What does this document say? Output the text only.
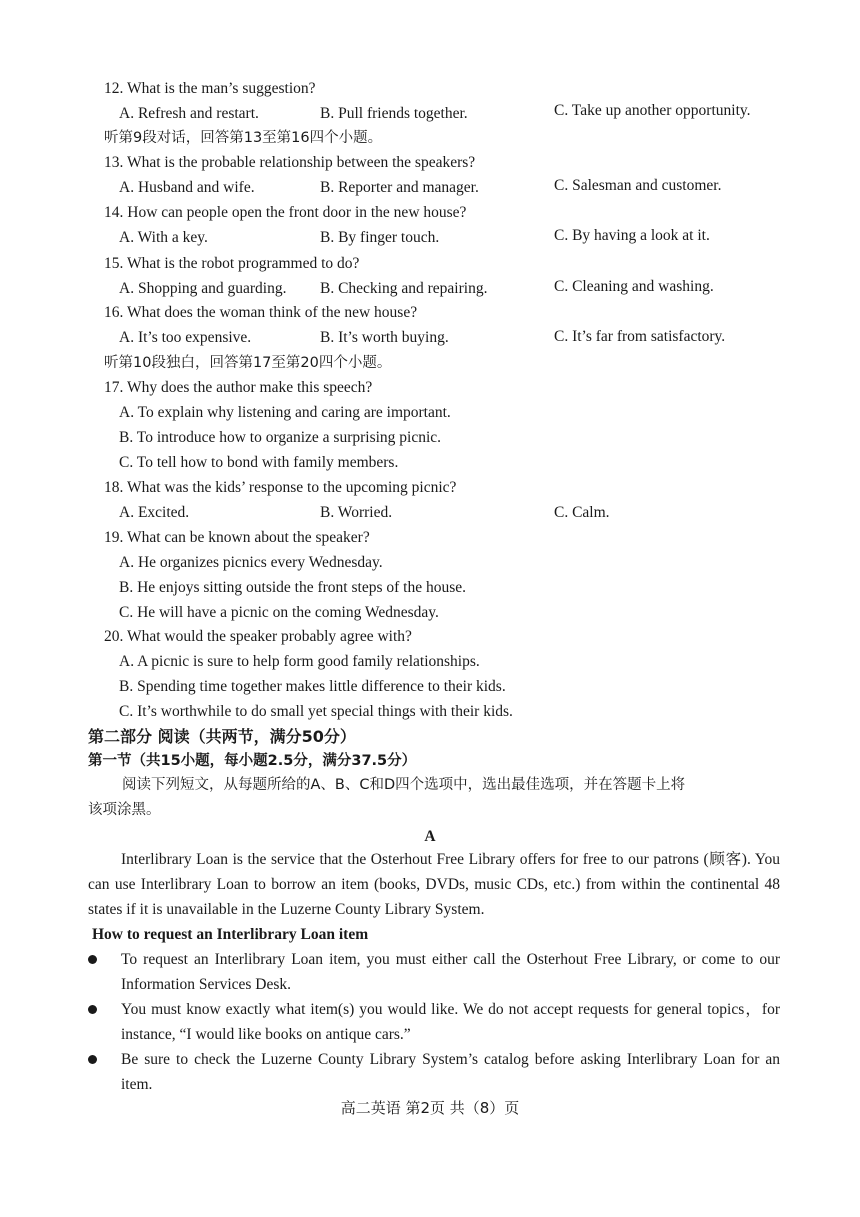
12. What is the man’s suggestion?
A. Refresh and restart.	B. Pull friends together.	C. Take up another opportunity.
听第9段对话，回答第13至第16四个小题。
13. What is the probable relationship between the speakers?
A. Husband and wife.	B. Reporter and manager.	C. Salesman and customer.
14. How can people open the front door in the new house?
A. With a key.	B. By finger touch.	C. By having a look at it.
15. What is the robot programmed to do?
A. Shopping and guarding. B. Checking and repairing.	C. Cleaning and washing.
16. What does the woman think of the new house?
A. It’s too expensive.	B. It’s worth buying.	C. It’s far from satisfactory.
听第10段独白，回答第17至第20四个小题。
17. Why does the author make this speech?
A. To explain why listening and caring are important.
B. To introduce how to organize a surprising picnic.
C. To tell how to bond with family members.
18. What was the kids’ response to the upcoming picnic?
A. Excited.	B. Worried.	C. Calm.
19. What can be known about the speaker?
A. He organizes picnics every Wednesday.
B. He enjoys sitting outside the front steps of the house.
C. He will have a picnic on the coming Wednesday.
20. What would the speaker probably agree with?
A. A picnic is sure to help form good family relationships.
B. Spending time together makes little difference to their kids.
C. It’s worthwhile to do small yet special things with their kids.
第二部分 阅读（共两节，满分50分）
第一节（共15小题，每小题2.5分，满分37.5分）
阅读下列短文，从每题所给的A、B、C和D四个选项中，选出最佳选项，并在答题卡上将
该项涂黑。
A
Interlibrary Loan is the service that the Osterhout Free Library offers for free to our patrons (顾客). You can use Interlibrary Loan to borrow an item (books, DVDs, music CDs, etc.) from within the continental 48 states if it is unavailable in the Luzerne County Library System.
How to request an Interlibrary Loan item
To request an Interlibrary Loan item, you must either call the Osterhout Free Library, or come to our Information Services Desk.
You must know exactly what item(s) you would like. We do not accept requests for general topics，for instance, “I would like books on antique cars.”
Be sure to check the Luzerne County Library System’s catalog before asking Interlibrary Loan for an item.
高二英语 第2页 共（8）页
